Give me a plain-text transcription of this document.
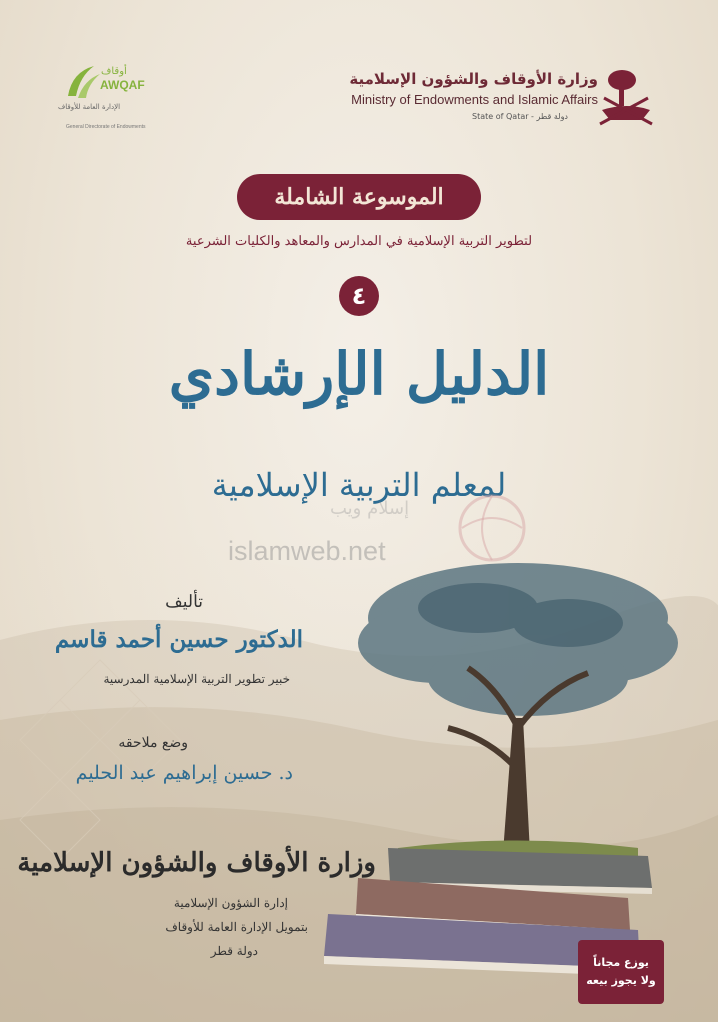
وزارة الأوقاف والشؤون الإسلامية
Ministry of Endowments and Islamic Affairs
State of Qatar - دولة قطر
أوقاف
AWQAF
الإدارة العامة للأوقاف
General Directorate of Endowments
الموسوعة الشاملة
لتطوير التربية الإسلامية في المدارس والمعاهد والكليات الشرعية
٤
الدليل الإرشادي
لمعلم التربية الإسلامية
إسلام ويب
islamweb.net
تأليف
الدكتور حسين أحمد قاسم
خبير تطوير التربية الإسلامية المدرسية
وضع ملاحقه
د. حسين إبراهيم عبد الحليم
وزارة الأوقاف والشؤون الإسلامية
إدارة الشؤون الإسلامية
بتمويل الإدارة العامة للأوقاف
دولة قطر
يوزع مجاناً
ولا يجوز بيعه
